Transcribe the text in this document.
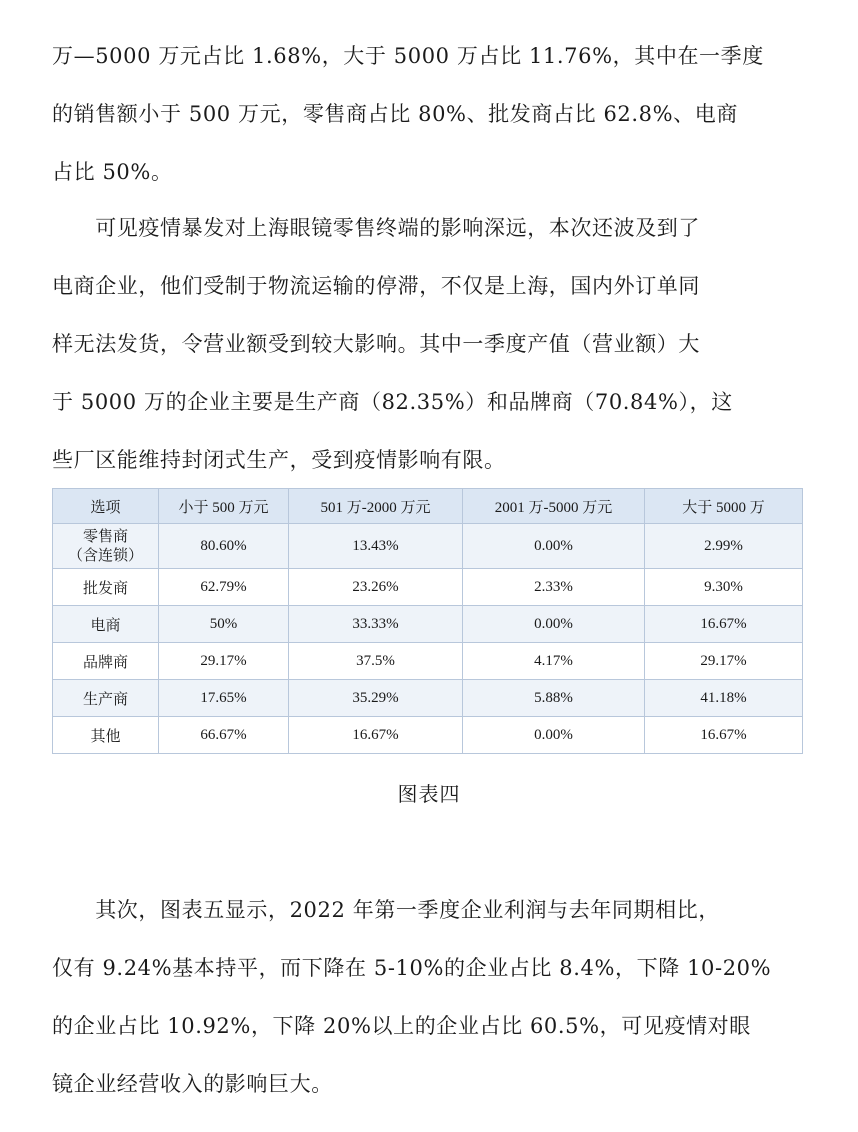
万—5000 万元占比 1.68%，大于 5000 万占比 11.76%，其中在一季度
的销售额小于 500 万元，零售商占比 80%、批发商占比 62.8%、电商
占比 50%。

　　可见疫情暴发对上海眼镜零售终端的影响深远，本次还波及到了
电商企业，他们受制于物流运输的停滞，不仅是上海，国内外订单同
样无法发货，令营业额受到较大影响。其中一季度产值（营业额）大
于 5000 万的企业主要是生产商（82.35%）和品牌商（70.84%），这
些厂区能维持封闭式生产，受到疫情影响有限。

选项	小于 500 万元	501 万-2000 万元	2001 万-5000 万元	大于 5000 万

零售商
（含连锁）	80.60%	13.43%	0.00%	2.99%
批发商	62.79%	23.26%	2.33%	9.30%
电商	50%	33.33%	0.00%	16.67%
品牌商	29.17%	37.5%	4.17%	29.17%
生产商	17.65%	35.29%	5.88%	41.18%
其他	66.67%	16.67%	0.00%	16.67%
图表四

　　其次，图表五显示，2022 年第一季度企业利润与去年同期相比，
仅有 9.24%基本持平，而下降在 5-10%的企业占比 8.4%，下降 10-20%
的企业占比 10.92%，下降 20%以上的企业占比 60.5%，可见疫情对眼
镜企业经营收入的影响巨大。
